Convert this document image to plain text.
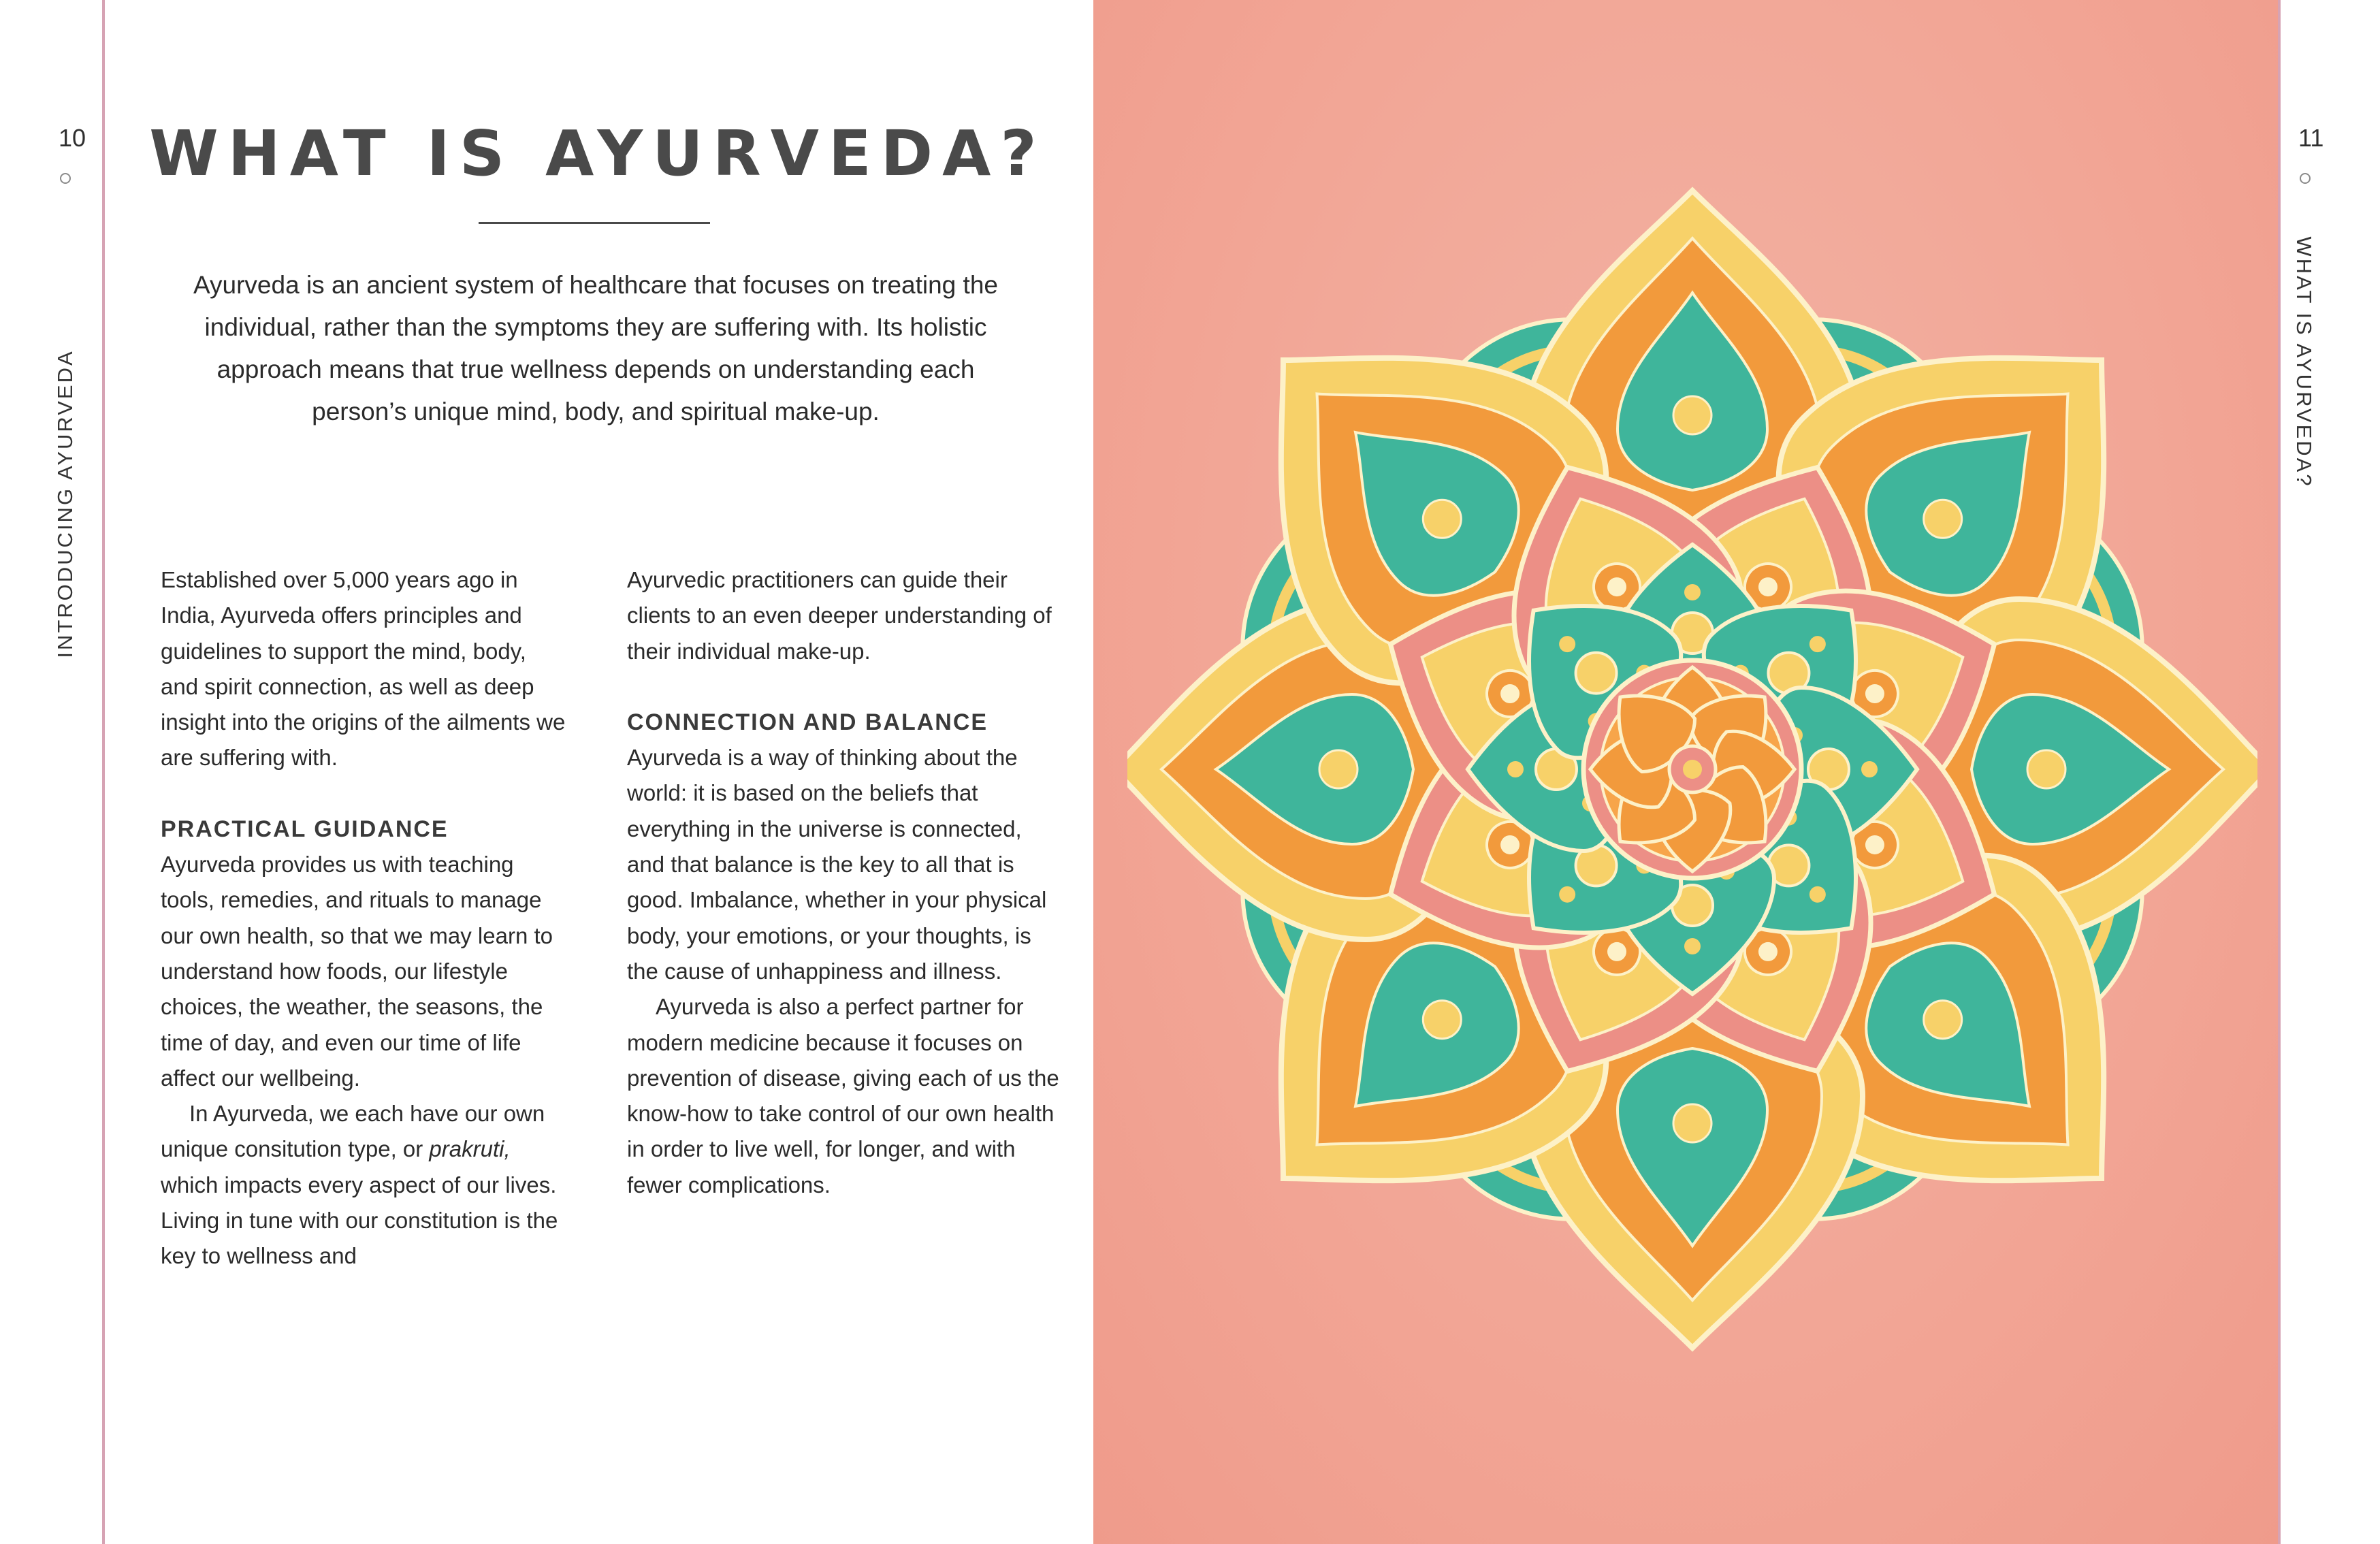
10
INTRODUCING AYURVEDA
WHAT IS AYURVEDA?
Ayurveda is an ancient system of healthcare that focuses on treating the individual, rather than the symptoms they are suffering with. Its holistic approach means that true wellness depends on understanding each person’s unique mind, body, and spiritual make-up.

Established over 5,000 years ago in India, Ayurveda offers principles and guidelines to support the mind, body, and spirit connection, as well as deep insight into the origins of the ailments we are suffering with.

PRACTICAL GUIDANCE

Ayurveda provides us with teaching tools, remedies, and rituals to manage our own health, so that we may learn to understand how foods, our lifestyle choices, the weather, the seasons, the time of day, and even our time of life affect our wellbeing.

In Ayurveda, we each have our own unique consitution type, or prakruti, which impacts every aspect of our lives. Living in tune with our constitution is the key to wellness and

Ayurvedic practitioners can guide their clients to an even deeper understanding of their individual make-up.

CONNECTION AND BALANCE

Ayurveda is a way of thinking about the world: it is based on the beliefs that everything in the universe is connected, and that balance is the key to all that is good. Imbalance, whether in your physical body, your emotions, or your thoughts, is the cause of unhappiness and illness.

Ayurveda is also a perfect partner for modern medicine because it focuses on prevention of disease, giving each of us the know-how to take control of our own health in order to live well, for longer, and with fewer complications.

11
WHAT IS AYURVEDA?
